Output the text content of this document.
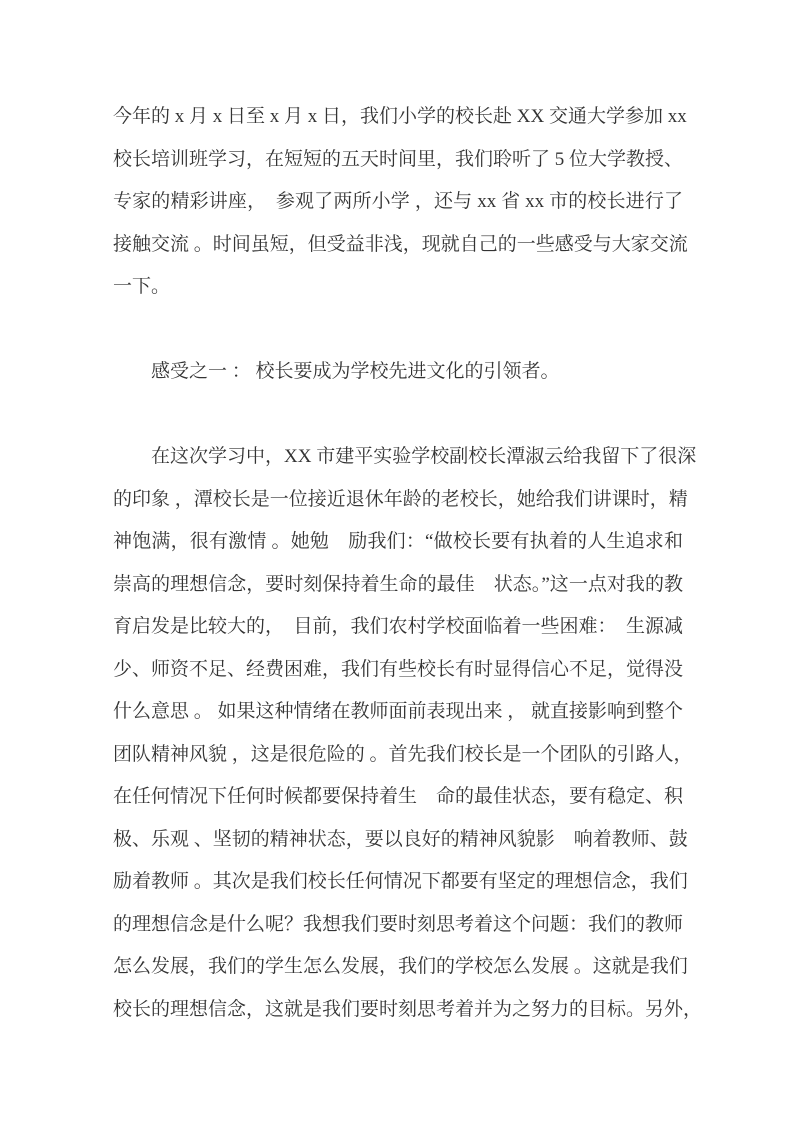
今年的 x 月 x 日至 x 月 x 日，我们小学的校长赴 XX 交通大学参加 xx
校长培训班学习，在短短的五天时间里，我们聆听了 5 位大学教授、
专家的精彩讲座，　参观了两所小学 ，还与 xx 省 xx 市的校长进行了
接触交流 。时间虽短，但受益非浅，现就自己的一些感受与大家交流
一下。
感受之一 ： 校长要成为学校先进文化的引领者。
在这次学习中，XX 市建平实验学校副校长潭淑云给我留下了很深
的印象 ，潭校长是一位接近退休年龄的老校长，她给我们讲课时，精
神饱满，很有激情 。她勉　励我们：“做校长要有执着的人生追求和
崇高的理想信念，要时刻保持着生命的最佳　状态。”这一点对我的教
育启发是比较大的，　目前，我们农村学校面临着一些困难：　生源减
少、师资不足、经费困难，我们有些校长有时显得信心不足，觉得没
什么意思 。 如果这种情绪在教师面前表现出来 ， 就直接影响到整个
团队精神风貌 ，这是很危险的 。首先我们校长是一个团队的引路人，
在任何情况下任何时候都要保持着生　命的最佳状态，要有稳定、积
极、乐观 、坚韧的精神状态，要以良好的精神风貌影　响着教师、鼓
励着教师 。其次是我们校长任何情况下都要有坚定的理想信念，我们
的理想信念是什么呢？我想我们要时刻思考着这个问题：我们的教师
怎么发展，我们的学生怎么发展，我们的学校怎么发展 。这就是我们
校长的理想信念，这就是我们要时刻思考着并为之努力的目标。另外，
